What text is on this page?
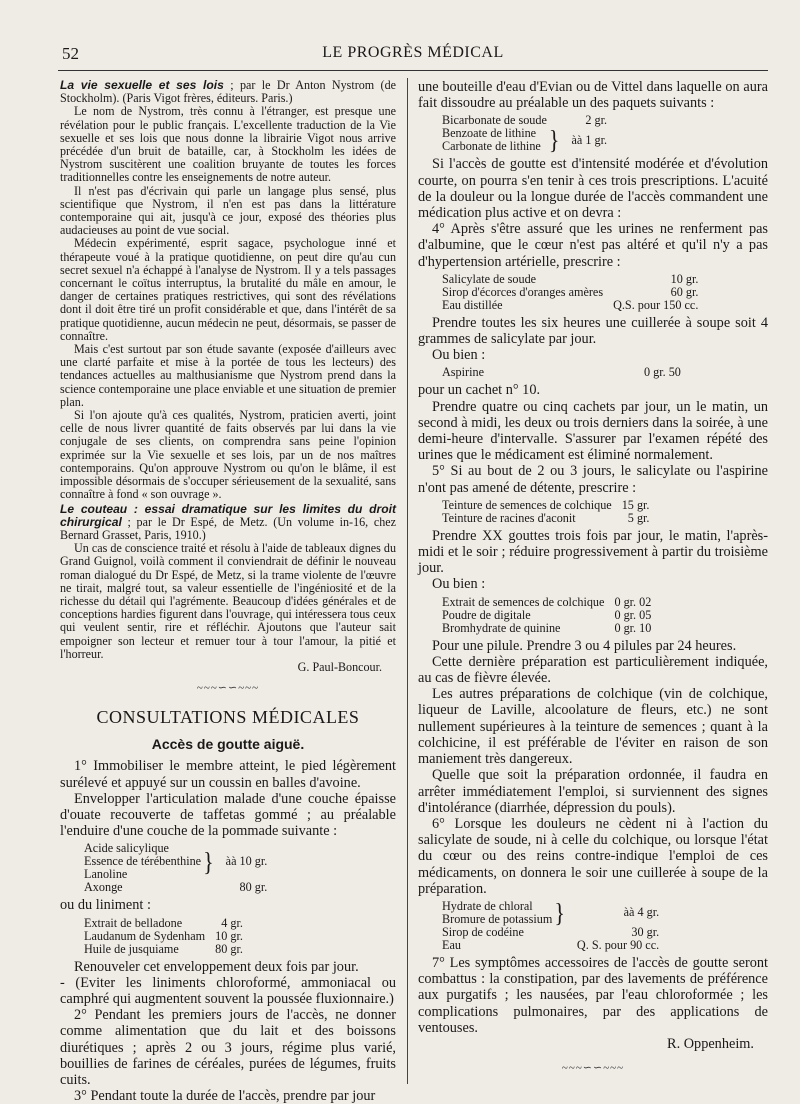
52	LE PROGRÈS MÉDICAL

La vie sexuelle et ses lois ; par le Dr Anton Nystrom (de Stockholm). (Paris Vigot frères, éditeurs. Paris.)

Le nom de Nystrom, très connu à l'étranger, est presque une révélation pour le public français. L'excellente traduction de la Vie sexuelle et ses lois que nous donne la librairie Vigot nous arrive précédée d'un bruit de bataille, car, à Stockholm les idées de Nystrom suscitèrent une coalition bruyante de toutes les forces traditionnelles contre les enseignements de notre auteur.

Il n'est pas d'écrivain qui parle un langage plus sensé, plus scientifique que Nystrom, il n'en est pas dans la littérature contemporaine qui ait, jusqu'à ce jour, exposé des théories plus audacieuses au point de vue social.

Médecin expérimenté, esprit sagace, psychologue inné et thérapeute voué à la pratique quotidienne, on peut dire qu'au cun secret sexuel n'a échappé à l'analyse de Nystrom. Il y a tels passages concernant le coïtus interruptus, la brutalité du mâle en amour, le danger de certaines pratiques restrictives, qui sont des révélations dont il doit être tiré un profit considérable et que, dans l'intérêt de sa pratique quotidienne, aucun médecin ne peut, désormais, se passer de connaître.

Mais c'est surtout par son étude savante (exposée d'ailleurs avec une clarté parfaite et mise à la portée de tous les lecteurs) des tendances actuelles au malthusianisme que Nystrom prend dans la science contemporaine une place enviable et une situation de premier plan.

Si l'on ajoute qu'à ces qualités, Nystrom, praticien averti, joint celle de nous livrer quantité de faits observés par lui dans la vie conjugale de ses clients, on comprendra sans peine l'opinion exprimée sur la Vie sexuelle et ses lois, par un de nos maîtres contemporains. Qu'on approuve Nystrom ou qu'on le blâme, il est impossible désormais de s'occuper sérieusement de la sexualité, sans connaître à fond « son ouvrage ».

Le couteau : essai dramatique sur les limites du droit chirurgical ; par le Dr Espé, de Metz. (Un volume in-16, chez Bernard Grasset, Paris, 1910.)

Un cas de conscience traité et résolu à l'aide de tableaux dignes du Grand Guignol, voilà comment il conviendrait de définir le nouveau roman dialogué du Dr Espé, de Metz, si la trame violente de l'œuvre ne tirait, malgré tout, sa valeur essentielle de l'ingéniosité et de la richesse du détail qui l'agrémente. Beaucoup d'idées générales et de conceptions hardies figurent dans l'ouvrage, qui intéressera tous ceux qui veulent sentir, rire et réfléchir. Ajoutons que l'auteur sait empoigner son lecteur et remuer tour à tour l'amour, la pitié et l'horreur.

G. Paul-Boncour.

~~~∽∽~~~
CONSULTATIONS MÉDICALES
Accès de goutte aiguë.

1° Immobiliser le membre atteint, le pied légèrement surélevé et appuyé sur un coussin en balles d'avoine.

Envelopper l'articulation malade d'une couche épaisse d'ouate recouverte de taffetas gommé ; au préalable l'enduire d'une couche de la pommade suivante :

Acide salicylique	}	àà 10 gr.
Essence de térébenthine		
Lanoline		
Axonge		80 gr.

ou du liniment :

Extrait de belladone	4 gr.
Laudanum de Sydenham	10 gr.
Huile de jusquiame	80 gr.

Renouveler cet enveloppement deux fois par jour.

- (Eviter les liniments chloroformé, ammoniacal ou camphré qui augmentent souvent la poussée fluxionnaire.)

2° Pendant les premiers jours de l'accès, ne donner comme alimentation que du lait et des boissons diurétiques ; après 2 ou 3 jours, régime plus varié, bouillies de farines de céréales, purées de légumes, fruits cuits.

3° Pendant toute la durée de l'accès, prendre par jour

une bouteille d'eau d'Evian ou de Vittel dans laquelle on aura fait dissoudre au préalable un des paquets suivants :

Bicarbonate de soude		2 gr.
Benzoate de lithine	}	àà 1 gr.
Carbonate de lithine		

Si l'accès de goutte est d'intensité modérée et d'évolution courte, on pourra s'en tenir à ces trois prescriptions. L'acuité de la douleur ou la longue durée de l'accès commandent une médication plus active et on devra :

4° Après s'être assuré que les urines ne renferment pas d'albumine, que le cœur n'est pas altéré et qu'il n'y a pas d'hypertension artérielle, prescrire :

Salicylate de soude	10 gr.
Sirop d'écorces d'oranges amères	60 gr.
Eau distillée	Q.S. pour 150 cc.

Prendre toutes les six heures une cuillerée à soupe soit 4 grammes de salicylate par jour.

Ou bien :

Aspirine	0 gr. 50

pour un cachet n° 10.

Prendre quatre ou cinq cachets par jour, un le matin, un second à midi, les deux ou trois derniers dans la soirée, à une demi-heure d'intervalle. S'assurer par l'examen répété des urines que le médicament est éliminé normalement.

5° Si au bout de 2 ou 3 jours, le salicylate ou l'aspirine n'ont pas amené de détente, prescrire :

Teinture de semences de colchique	15 gr.
Teinture de racines d'aconit	5 gr.

Prendre XX gouttes trois fois par jour, le matin, l'après-midi et le soir ; réduire progressivement à partir du troisième jour.

Ou bien :

Extrait de semences de colchique	0 gr. 02
Poudre de digitale	0 gr. 05
Bromhydrate de quinine	0 gr. 10

Pour une pilule. Prendre 3 ou 4 pilules par 24 heures.

Cette dernière préparation est particulièrement indiquée, au cas de fièvre élevée.

Les autres préparations de colchique (vin de colchique, liqueur de Laville, alcoolature de fleurs, etc.) ne sont nullement supérieures à la teinture de semences ; quant à la colchicine, il est préférable de l'éviter en raison de son maniement très dangereux.

Quelle que soit la préparation ordonnée, il faudra en arrêter immédiatement l'emploi, si surviennent des signes d'intolérance (diarrhée, dépression du pouls).

6° Lorsque les douleurs ne cèdent ni à l'action du salicylate de soude, ni à celle du colchique, ou lorsque l'état du cœur ou des reins contre-indique l'emploi de ces médicaments, on donnera le soir une cuillerée à soupe de la préparation.

Hydrate de chloral	}	àà 4 gr.
Bromure de potassium		
Sirop de codéine		30 gr.
Eau		Q. S. pour 90 cc.

7° Les symptômes accessoires de l'accès de goutte seront combattus : la constipation, par des lavements de préférence aux purgatifs ; les nausées, par l'eau chloroformée ; les complications pulmonaires, par des applications de ventouses.

R. Oppenheim.

~~~∽∽~~~
